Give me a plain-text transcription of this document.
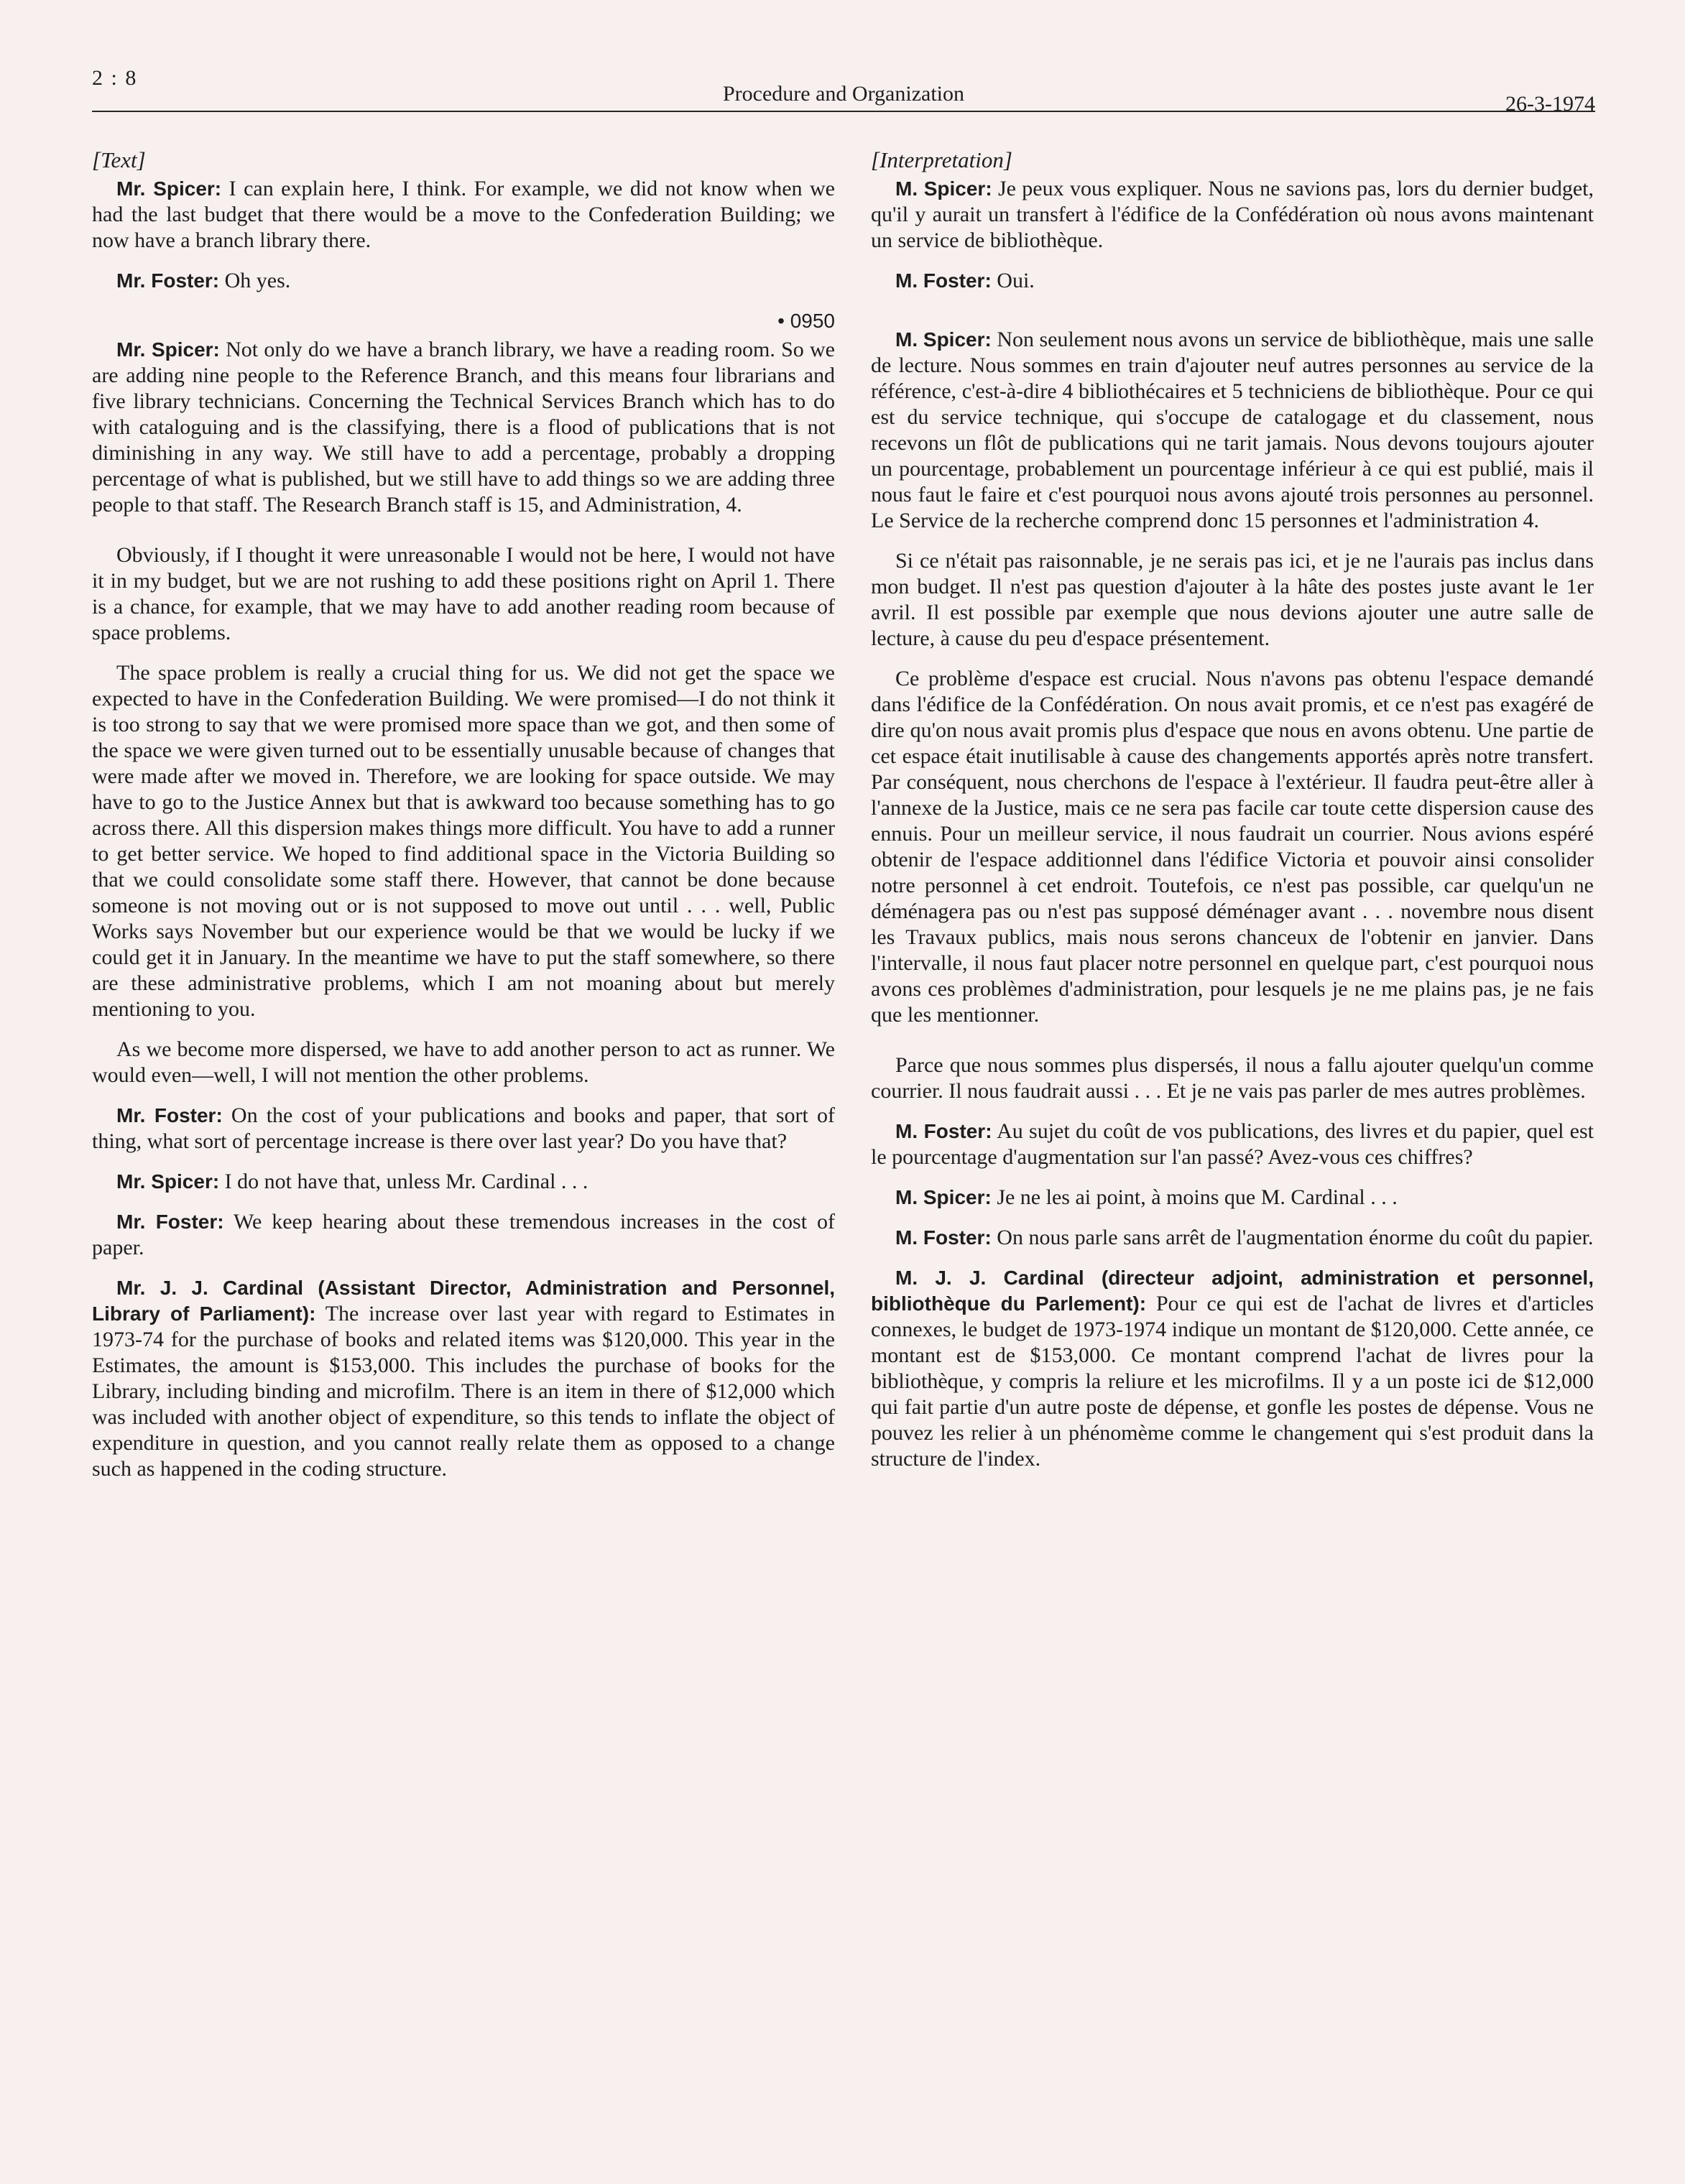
2 : 8
Procedure and Organization	26-3-1974

[Text]

Mr. Spicer: I can explain here, I think. For example, we did not know when we had the last budget that there would be a move to the Confederation Building; we now have a branch library there.

Mr. Foster: Oh yes.

• 0950

Mr. Spicer: Not only do we have a branch library, we have a reading room. So we are adding nine people to the Reference Branch, and this means four librarians and five library technicians. Concerning the Technical Services Branch which has to do with cataloguing and is the classifying, there is a flood of publications that is not diminishing in any way. We still have to add a percentage, probably a dropping percentage of what is published, but we still have to add things so we are adding three people to that staff. The Research Branch staff is 15, and Administration, 4.

Obviously, if I thought it were unreasonable I would not be here, I would not have it in my budget, but we are not rushing to add these positions right on April 1. There is a chance, for example, that we may have to add another reading room because of space problems.

The space problem is really a crucial thing for us. We did not get the space we expected to have in the Confederation Building. We were promised—I do not think it is too strong to say that we were promised more space than we got, and then some of the space we were given turned out to be essentially unusable because of changes that were made after we moved in. Therefore, we are looking for space outside. We may have to go to the Justice Annex but that is awkward too because something has to go across there. All this dispersion makes things more difficult. You have to add a runner to get better service. We hoped to find additional space in the Victoria Building so that we could consolidate some staff there. However, that cannot be done because someone is not moving out or is not supposed to move out until . . . well, Public Works says November but our experience would be that we would be lucky if we could get it in January. In the meantime we have to put the staff somewhere, so there are these administrative problems, which I am not moaning about but merely mentioning to you.

As we become more dispersed, we have to add another person to act as runner. We would even—well, I will not mention the other problems.

Mr. Foster: On the cost of your publications and books and paper, that sort of thing, what sort of percentage increase is there over last year? Do you have that?

Mr. Spicer: I do not have that, unless Mr. Cardinal . . .

Mr. Foster: We keep hearing about these tremendous increases in the cost of paper.

Mr. J. J. Cardinal (Assistant Director, Administration and Personnel, Library of Parliament): The increase over last year with regard to Estimates in 1973-74 for the purchase of books and related items was $120,000. This year in the Estimates, the amount is $153,000. This includes the purchase of books for the Library, including binding and microfilm. There is an item in there of $12,000 which was included with another object of expenditure, so this tends to inflate the object of expenditure in question, and you cannot really relate them as opposed to a change such as happened in the coding structure.

[Interpretation]

M. Spicer: Je peux vous expliquer. Nous ne savions pas, lors du dernier budget, qu'il y aurait un transfert à l'édifice de la Confédération où nous avons maintenant un service de bibliothèque.

M. Foster: Oui.

M. Spicer: Non seulement nous avons un service de bibliothèque, mais une salle de lecture. Nous sommes en train d'ajouter neuf autres personnes au service de la référence, c'est-à-dire 4 bibliothécaires et 5 techniciens de bibliothèque. Pour ce qui est du service technique, qui s'occupe de catalogage et du classement, nous recevons un flôt de publications qui ne tarit jamais. Nous devons toujours ajouter un pourcentage, probablement un pourcentage inférieur à ce qui est publié, mais il nous faut le faire et c'est pourquoi nous avons ajouté trois personnes au personnel. Le Service de la recherche comprend donc 15 personnes et l'administration 4.

Si ce n'était pas raisonnable, je ne serais pas ici, et je ne l'aurais pas inclus dans mon budget. Il n'est pas question d'ajouter à la hâte des postes juste avant le 1er avril. Il est possible par exemple que nous devions ajouter une autre salle de lecture, à cause du peu d'espace présentement.

Ce problème d'espace est crucial. Nous n'avons pas obtenu l'espace demandé dans l'édifice de la Confédération. On nous avait promis, et ce n'est pas exagéré de dire qu'on nous avait promis plus d'espace que nous en avons obtenu. Une partie de cet espace était inutilisable à cause des changements apportés après notre transfert. Par conséquent, nous cherchons de l'espace à l'extérieur. Il faudra peut-être aller à l'annexe de la Justice, mais ce ne sera pas facile car toute cette dispersion cause des ennuis. Pour un meilleur service, il nous faudrait un courrier. Nous avions espéré obtenir de l'espace additionnel dans l'édifice Victoria et pouvoir ainsi consolider notre personnel à cet endroit. Toutefois, ce n'est pas possible, car quelqu'un ne déménagera pas ou n'est pas supposé déménager avant . . . novembre nous disent les Travaux publics, mais nous serons chanceux de l'obtenir en janvier. Dans l'intervalle, il nous faut placer notre personnel en quelque part, c'est pourquoi nous avons ces problèmes d'administration, pour lesquels je ne me plains pas, je ne fais que les mentionner.

Parce que nous sommes plus dispersés, il nous a fallu ajouter quelqu'un comme courrier. Il nous faudrait aussi . . . Et je ne vais pas parler de mes autres problèmes.

M. Foster: Au sujet du coût de vos publications, des livres et du papier, quel est le pourcentage d'augmentation sur l'an passé? Avez-vous ces chiffres?

M. Spicer: Je ne les ai point, à moins que M. Cardinal . . .

M. Foster: On nous parle sans arrêt de l'augmentation énorme du coût du papier.

M. J. J. Cardinal (directeur adjoint, administration et personnel, bibliothèque du Parlement): Pour ce qui est de l'achat de livres et d'articles connexes, le budget de 1973-1974 indique un montant de $120,000. Cette année, ce montant est de $153,000. Ce montant comprend l'achat de livres pour la bibliothèque, y compris la reliure et les microfilms. Il y a un poste ici de $12,000 qui fait partie d'un autre poste de dépense, et gonfle les postes de dépense. Vous ne pouvez les relier à un phénomème comme le changement qui s'est produit dans la structure de l'index.
